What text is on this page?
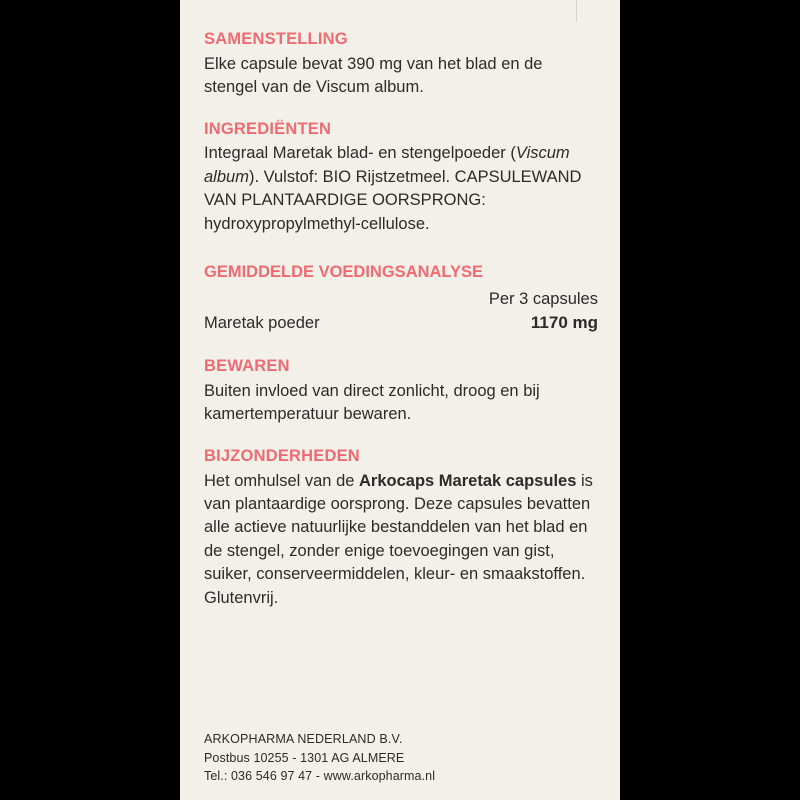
SAMENSTELLING

Elke capsule bevat 390 mg van het blad en de stengel van de Viscum album.

INGREDIËNTEN

Integraal Maretak blad- en stengelpoeder (Viscum album). Vulstof: BIO Rijstzetmeel. CAPSULEWAND VAN PLANTAARDIGE OORSPRONG: hydroxypropylmethyl-cellulose.

GEMIDDELDE VOEDINGSANALYSE

	Per 3 capsules
Maretak poeder	1170 mg

BEWAREN

Buiten invloed van direct zonlicht, droog en bij kamertemperatuur bewaren.

BIJZONDERHEDEN

Het omhulsel van de Arkocaps Maretak capsules is van plantaardige oorsprong. Deze capsules bevatten alle actieve natuurlijke bestanddelen van het blad en de stengel, zonder enige toevoegingen van gist, suiker, conserveermiddelen, kleur- en smaakstoffen. Glutenvrij.

ARKOPHARMA NEDERLAND B.V.

Postbus 10255 - 1301 AG ALMERE

Tel.: 036 546 97 47 - www.arkopharma.nl
